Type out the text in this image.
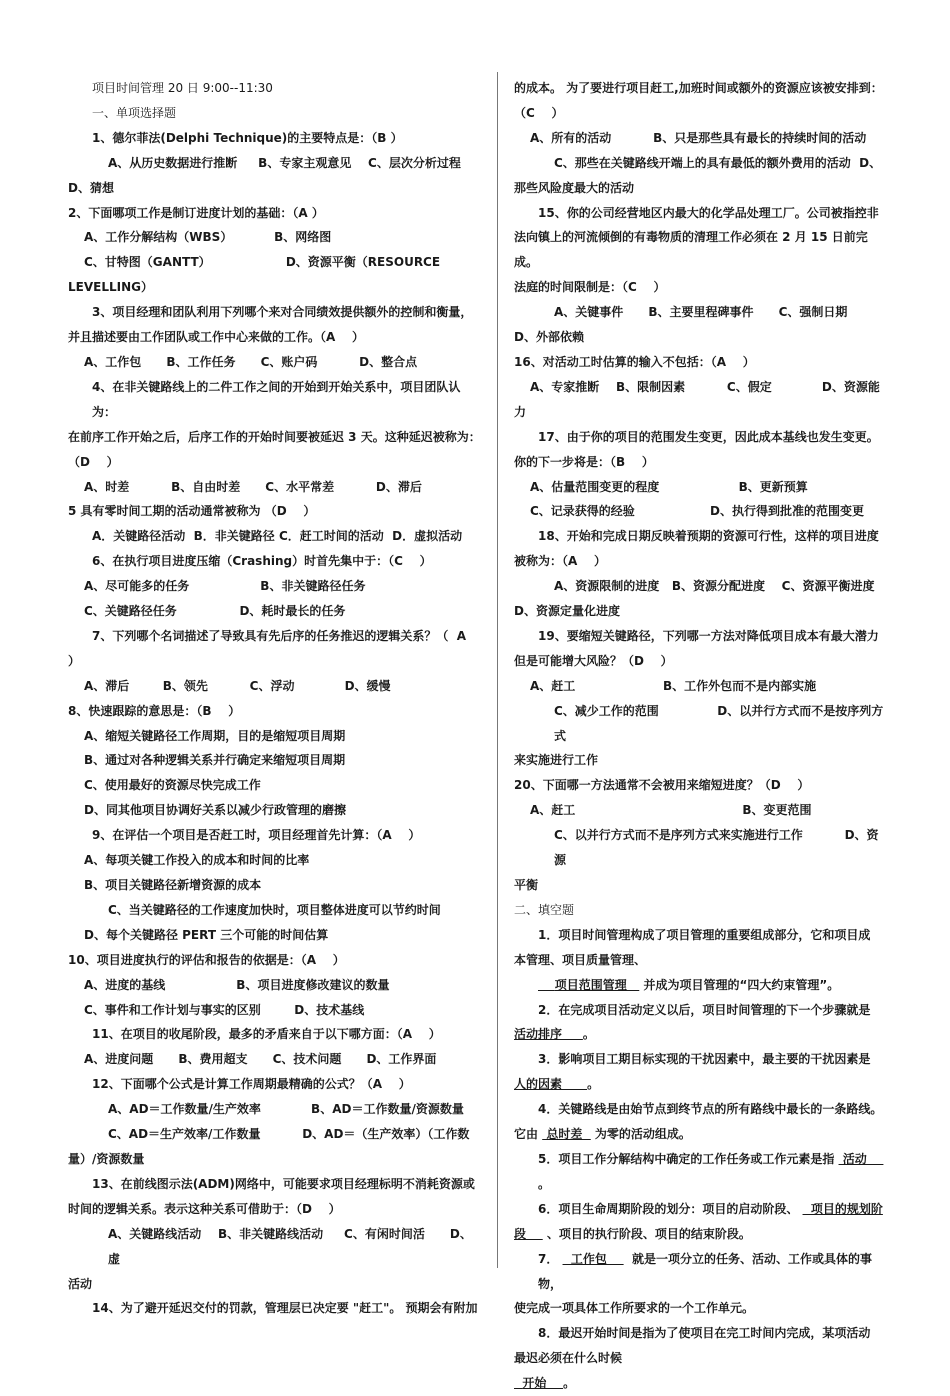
项目时间管理 20 日 9:00--11:30
一、单项选择题
1、德尔菲法(Delphi Technique)的主要特点是：（B ）
A、从历史数据进行推断     B、专家主观意见    C、层次分析过程
D、猜想
2、下面哪项工作是制订进度计划的基础：（A ）
A、工作分解结构（WBS）          B、网络图
C、甘特图（GANTT）                  D、资源平衡（RESOURCE
LEVELLING）
3、项目经理和团队利用下列哪个来对合同绩效提供额外的控制和衡量，
并且描述要由工作团队或工作中心来做的工作。（A    ）
A、工作包      B、工作任务      C、账户码          D、整合点
4、在非关键路线上的二件工作之间的开始到开始关系中，项目团队认为：
在前序工作开始之后，后序工作的开始时间要被延迟 3 天。这种延迟被称为：
（D    ）
A、时差          B、自由时差      C、水平常差          D、滞后
5 具有零时间工期的活动通常被称为 （D    ）
A．关键路径活动  B．非关键路径 C．赶工时间的活动  D．虚拟活动
6、在执行项目进度压缩（Crashing）时首先集中于：（C    ）
A、尽可能多的任务                 B、非关键路径任务
C、关键路径任务               D、耗时最长的任务
7、下列哪个名词描述了导致具有先后序的任务推迟的逻辑关系？（  A
）
A、滞后        B、领先          C、浮动            D、缓慢
8、快速跟踪的意思是：（B    ）
A、缩短关键路径工作周期，目的是缩短项目周期
B、通过对各种逻辑关系并行确定来缩短项目周期
C、使用最好的资源尽快完成工作
D、同其他项目协调好关系以减少行政管理的磨擦
9、在评估一个项目是否赶工时，项目经理首先计算：（A    ）
A、每项关键工作投入的成本和时间的比率
B、项目关键路径新增资源的成本
C、当关键路径的工作速度加快时，项目整体进度可以节约时间
D、每个关键路径 PERT 三个可能的时间估算
10、项目进度执行的评估和报告的依据是：（A    ）
A、进度的基线                 B、项目进度修改建议的数量
C、事件和工作计划与事实的区别        D、技术基线
11、在项目的收尾阶段，最多的矛盾来自于以下哪方面：（A    ）
A、进度问题      B、费用超支      C、技术问题      D、工作界面
12、下面哪个公式是计算工作周期最精确的公式？（A    ）
A、AD＝工作数量/生产效率            B、AD＝工作数量/资源数量
C、AD＝生产效率/工作数量          D、AD＝（生产效率）（工作数
量）/资源数量
13、在前线图示法(ADM)网络中，可能要求项目经理标明不消耗资源或
时间的逻辑关系。表示这种关系可借助于：（D    ）
A、关键路线活动    B、非关键路线活动     C、有闲时间活      D、虚
活动
14、为了避开延迟交付的罚款，管理层已决定要 "赶工"。 预期会有附加
的成本。 为了要进行项目赶工,加班时间或额外的资源应该被安排到：
（C    ）
A、所有的活动          B、只是那些具有最长的持续时间的活动
C、那些在关键路线开端上的具有最低的额外费用的活动  D、
那些风险度最大的活动
15、你的公司经营地区内最大的化学品处理工厂。公司被指控非
法向镇上的河流倾倒的有毒物质的清理工作必须在 2 月 15 日前完成。
法庭的时间限制是：（C    ）
A、关键事件      B、主要里程碑事件      C、强制日期
D、外部依赖
16、对活动工时估算的输入不包括：（A    ）
A、专家推断    B、限制因素          C、假定            D、资源能
力
17、由于你的项目的范围发生变更，因此成本基线也发生变更。
你的下一步将是：（B    ）
A、估量范围变更的程度                   B、更新预算
C、记录获得的经验                  D、执行得到批准的范围变更
18、开始和完成日期反映着预期的资源可行性，这样的项目进度
被称为：（A    ）
A、资源限制的进度   B、资源分配进度    C、资源平衡进度
D、资源定量化进度
19、要缩短关键路径，下列哪一方法对降低项目成本有最大潜力
但是可能增大风险？（D    ）
A、赶工                     B、工作外包而不是内部实施
C、减少工作的范围              D、以并行方式而不是按序列方式
来实施进行工作
20、下面哪一方法通常不会被用来缩短进度？（D    ）
A、赶工                                        B、变更范围
C、以并行方式而不是序列方式来实施进行工作          D、资源
平衡
二、填空题
1．项目时间管理构成了项目管理的重要组成部分，它和项目成
本管理、项目质量管理、
项目范围管理    并成为项目管理的“四大约束管理”。
2．在完成项目活动定义以后，项目时间管理的下一个步骤就是
活动排序     。
3．影响项目工期目标实现的干扰因素中，最主要的干扰因素是
人的因素      。
4．关键路线是由始节点到终节点的所有路线中最长的一条路线。
它由  总时差   为零的活动组成。
5．项目工作分解结构中确定的工作任务或工作元素是指  活动    。
6．项目生命周期阶段的划分：项目的启动阶段、   项目的规划阶
段     、项目的执行阶段、项目的结束阶段。
7．   工作包      就是一项分立的任务、活动、工作或具体的事物，
使完成一项具体工作所要求的一个工作单元。
8．最迟开始时间是指为了使项目在完工时间内完成，某项活动
最迟必须在什么时候
开始    。
